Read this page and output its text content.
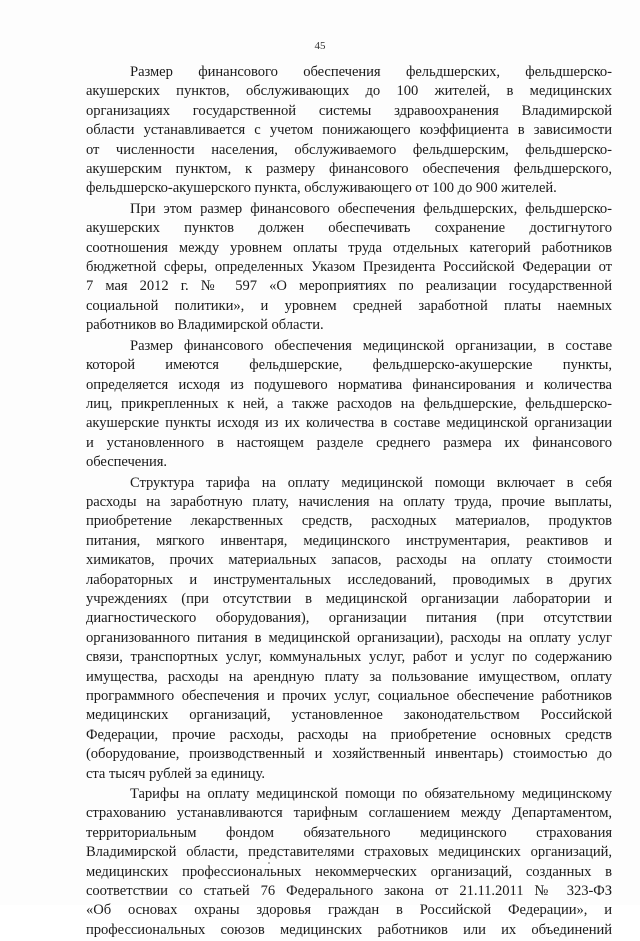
45
Размер финансового обеспечения фельдшерских, фельдшерско-
акушерских пунктов, обслуживающих до 100 жителей, в медицинских
организациях государственной системы здравоохранения Владимирской
области устанавливается с учетом понижающего коэффициента в зависимости
от численности населения, обслуживаемого фельдшерским, фельдшерско-
акушерским пунктом, к размеру финансового обеспечения фельдшерского,
фельдшерско-акушерского пункта, обслуживающего от 100 до 900 жителей.
При этом размер финансового обеспечения фельдшерских, фельдшерско-
акушерских пунктов должен обеспечивать сохранение достигнутого
соотношения между уровнем оплаты труда отдельных категорий работников
бюджетной сферы, определенных Указом Президента Российской Федерации от
7 мая 2012 г. № 597 «О мероприятиях по реализации государственной
социальной политики», и уровнем средней заработной платы наемных
работников во Владимирской области.
Размер финансового обеспечения медицинской организации, в составе
которой имеются фельдшерские, фельдшерско-акушерские пункты,
определяется исходя из подушевого норматива финансирования и количества
лиц, прикрепленных к ней, а также расходов на фельдшерские, фельдшерско-
акушерские пункты исходя из их количества в составе медицинской организации
и установленного в настоящем разделе среднего размера их финансового
обеспечения.
Структура тарифа на оплату медицинской помощи включает в себя
расходы на заработную плату, начисления на оплату труда, прочие выплаты,
приобретение лекарственных средств, расходных материалов, продуктов
питания, мягкого инвентаря, медицинского инструментария, реактивов и
химикатов, прочих материальных запасов, расходы на оплату стоимости
лабораторных и инструментальных исследований, проводимых в других
учреждениях (при отсутствии в медицинской организации лаборатории и
диагностического оборудования), организации питания (при отсутствии
организованного питания в медицинской организации), расходы на оплату услуг
связи, транспортных услуг, коммунальных услуг, работ и услуг по содержанию
имущества, расходы на арендную плату за пользование имуществом, оплату
программного обеспечения и прочих услуг, социальное обеспечение работников
медицинских организаций, установленное законодательством Российской
Федерации, прочие расходы, расходы на приобретение основных средств
(оборудование, производственный и хозяйственный инвентарь) стоимостью до
ста тысяч рублей за единицу.
Тарифы на оплату медицинской помощи по обязательному медицинскому
страхованию устанавливаются тарифным соглашением между Департаментом,
территориальным фондом обязательного медицинского страхования
Владимирской области, представителями страховых медицинских организаций,
медицинских профессиональных некоммерческих организаций, созданных в
соответствии со статьей 76 Федерального закона от 21.11.2011 № 323-ФЗ
«Об основах охраны здоровья граждан в Российской Федерации», и
профессиональных союзов медицинских работников или их объединений
